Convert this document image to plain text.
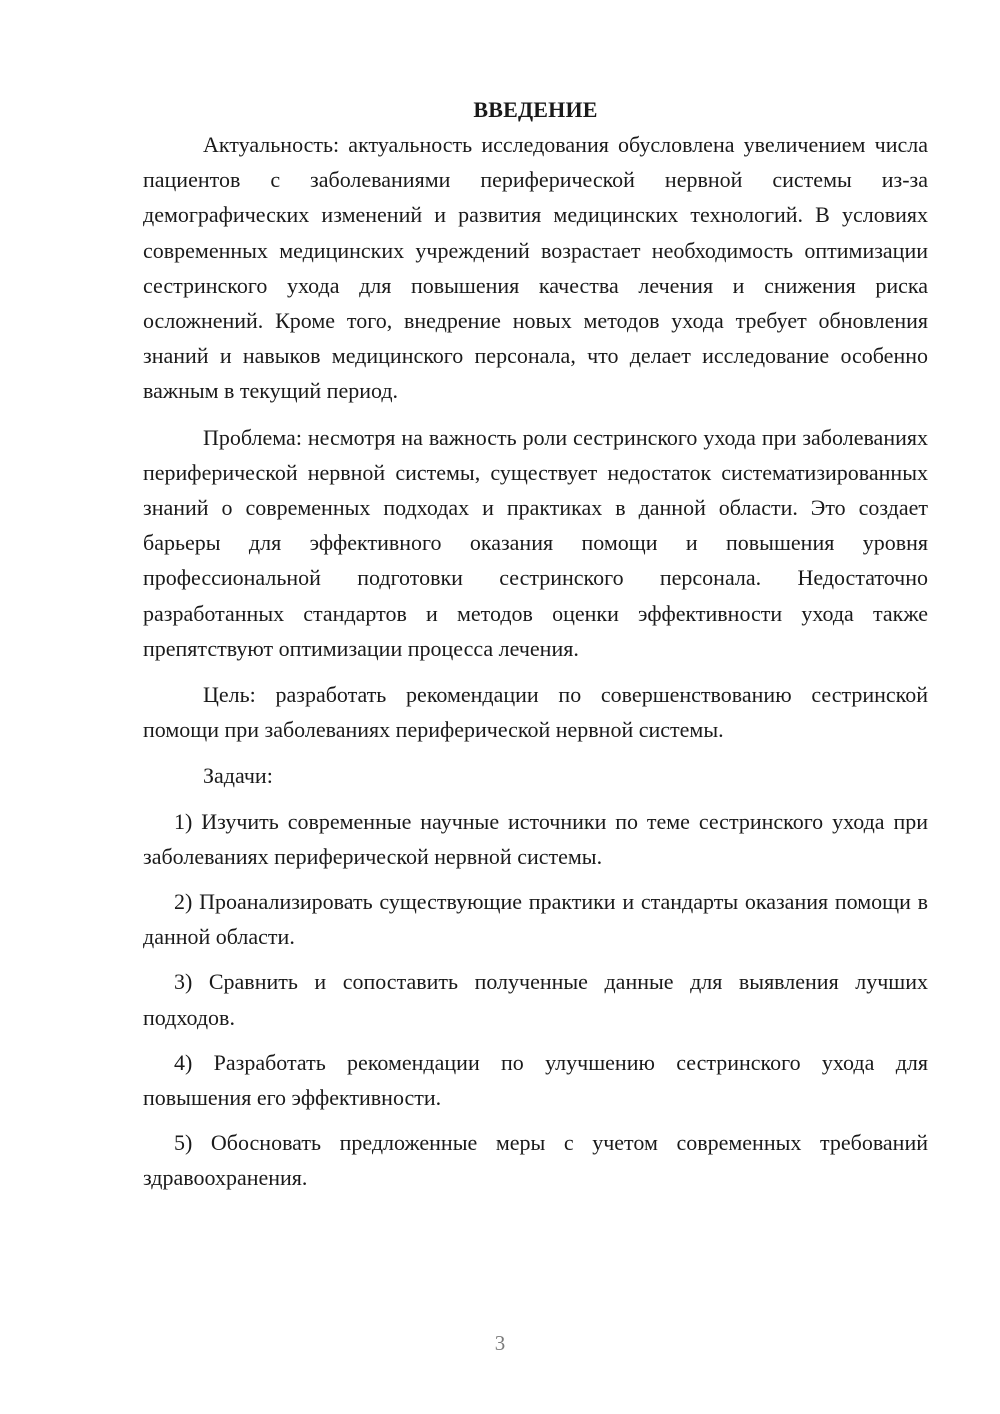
ВВЕДЕНИЕ

Актуальность: актуальность исследования обусловлена увеличением числа пациентов с заболеваниями периферической нервной системы из-за демографических изменений и развития медицинских технологий. В условиях современных медицинских учреждений возрастает необходимость оптимизации сестринского ухода для повышения качества лечения и снижения риска осложнений. Кроме того, внедрение новых методов ухода требует обновления знаний и навыков медицинского персонала, что делает исследование особенно важным в текущий период.

Проблема: несмотря на важность роли сестринского ухода при заболеваниях периферической нервной системы, существует недостаток систематизированных знаний о современных подходах и практиках в данной области. Это создает барьеры для эффективного оказания помощи и повышения уровня профессиональной подготовки сестринского персонала. Недостаточно разработанных стандартов и методов оценки эффективности ухода также препятствуют оптимизации процесса лечения.

Цель: разработать рекомендации по совершенствованию сестринской помощи при заболеваниях периферической нервной системы.

Задачи:

1) Изучить современные научные источники по теме сестринского ухода при заболеваниях периферической нервной системы.

2) Проанализировать существующие практики и стандарты оказания помощи в данной области.

3) Сравнить и сопоставить полученные данные для выявления лучших подходов.

4) Разработать рекомендации по улучшению сестринского ухода для повышения его эффективности.

5) Обосновать предложенные меры с учетом современных требований здравоохранения.

3
